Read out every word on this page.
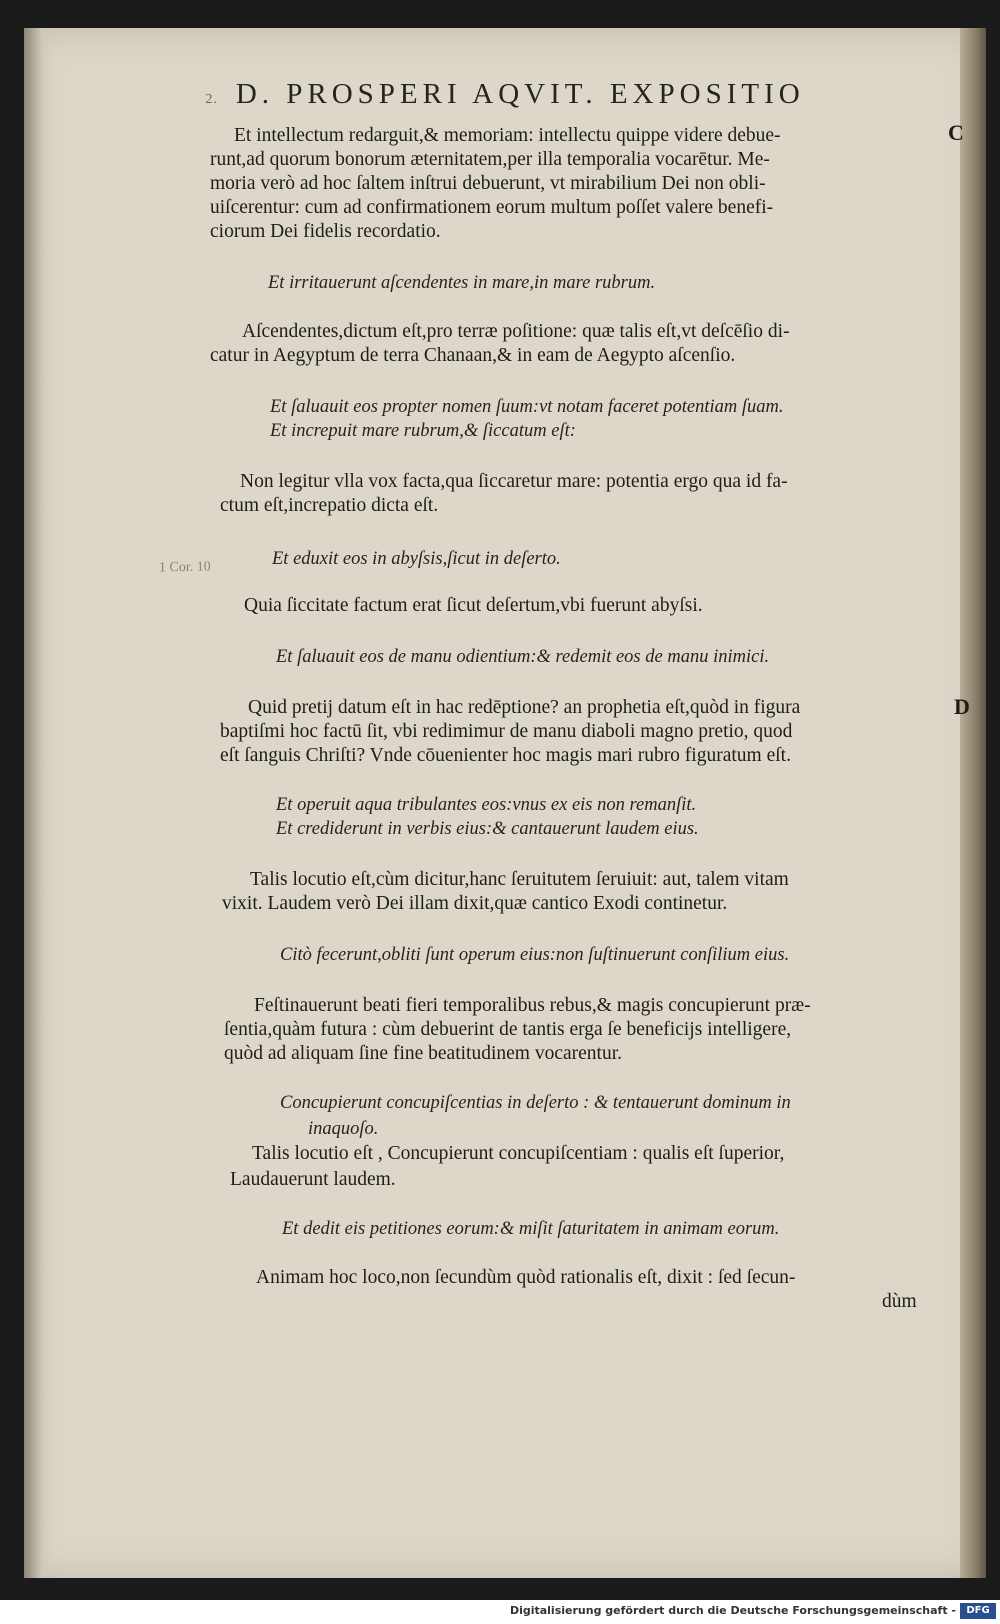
2. D. PROSPERI AQVIT. EXPOSITIO
C
D
1 Cor. 10
Et intellectum redarguit,& memoriam: intellectu quippe videre debue-
runt,ad quorum bonorum æternitatem,per illa temporalia vocarētur. Me-
moria verò ad hoc ſaltem inſtrui debuerunt, vt mirabilium Dei non obli-
uiſcerentur: cum ad confirmationem eorum multum poſſet valere benefi-
ciorum Dei fidelis recordatio.
Et irritauerunt aſcendentes in mare,in mare rubrum.
Aſcendentes,dictum eſt,pro terræ poſitione: quæ talis eſt,vt deſcēſio di-
catur in Aegyptum de terra Chanaan,& in eam de Aegypto aſcenſio.
Et ſaluauit eos propter nomen ſuum:vt notam faceret potentiam ſuam.
Et increpuit mare rubrum,& ſiccatum eſt:
Non legitur vlla vox facta,qua ſiccaretur mare: potentia ergo qua id fa-
ctum eſt,increpatio dicta eſt.
Et eduxit eos in abyſsis,ſicut in deſerto.
Quia ſiccitate factum erat ſicut deſertum,vbi fuerunt abyſsi.
Et ſaluauit eos de manu odientium:& redemit eos de manu inimici.
Quid pretij datum eſt in hac redēptione? an prophetia eſt,quòd in figura
baptiſmi hoc factū ſit, vbi redimimur de manu diaboli magno pretio, quod
eſt ſanguis Chriſti? Vnde cōuenienter hoc magis mari rubro figuratum eſt.
Et operuit aqua tribulantes eos:vnus ex eis non remanſit.
Et crediderunt in verbis eius:& cantauerunt laudem eius.
Talis locutio eſt,cùm dicitur,hanc ſeruitutem ſeruiuit: aut, talem vitam
vixit. Laudem verò Dei illam dixit,quæ cantico Exodi continetur.
Citò fecerunt,obliti ſunt operum eius:non ſuſtinuerunt conſilium eius.
Feſtinauerunt beati fieri temporalibus rebus,& magis concupierunt præ-
ſentia,quàm futura : cùm debuerint de tantis erga ſe beneficijs intelligere,
quòd ad aliquam ſine fine beatitudinem vocarentur.
Concupierunt concupiſcentias in deſerto : & tentauerunt dominum in
inaquoſo.
Talis locutio eſt , Concupierunt concupiſcentiam : qualis eſt ſuperior,
Laudauerunt laudem.
Et dedit eis petitiones eorum:& miſit ſaturitatem in animam eorum.
Animam hoc loco,non ſecundùm quòd rationalis eſt, dixit : ſed ſecun-
dùm
Digitalisierung gefördert durch die Deutsche Forschungsgemeinschaft -	DFG
